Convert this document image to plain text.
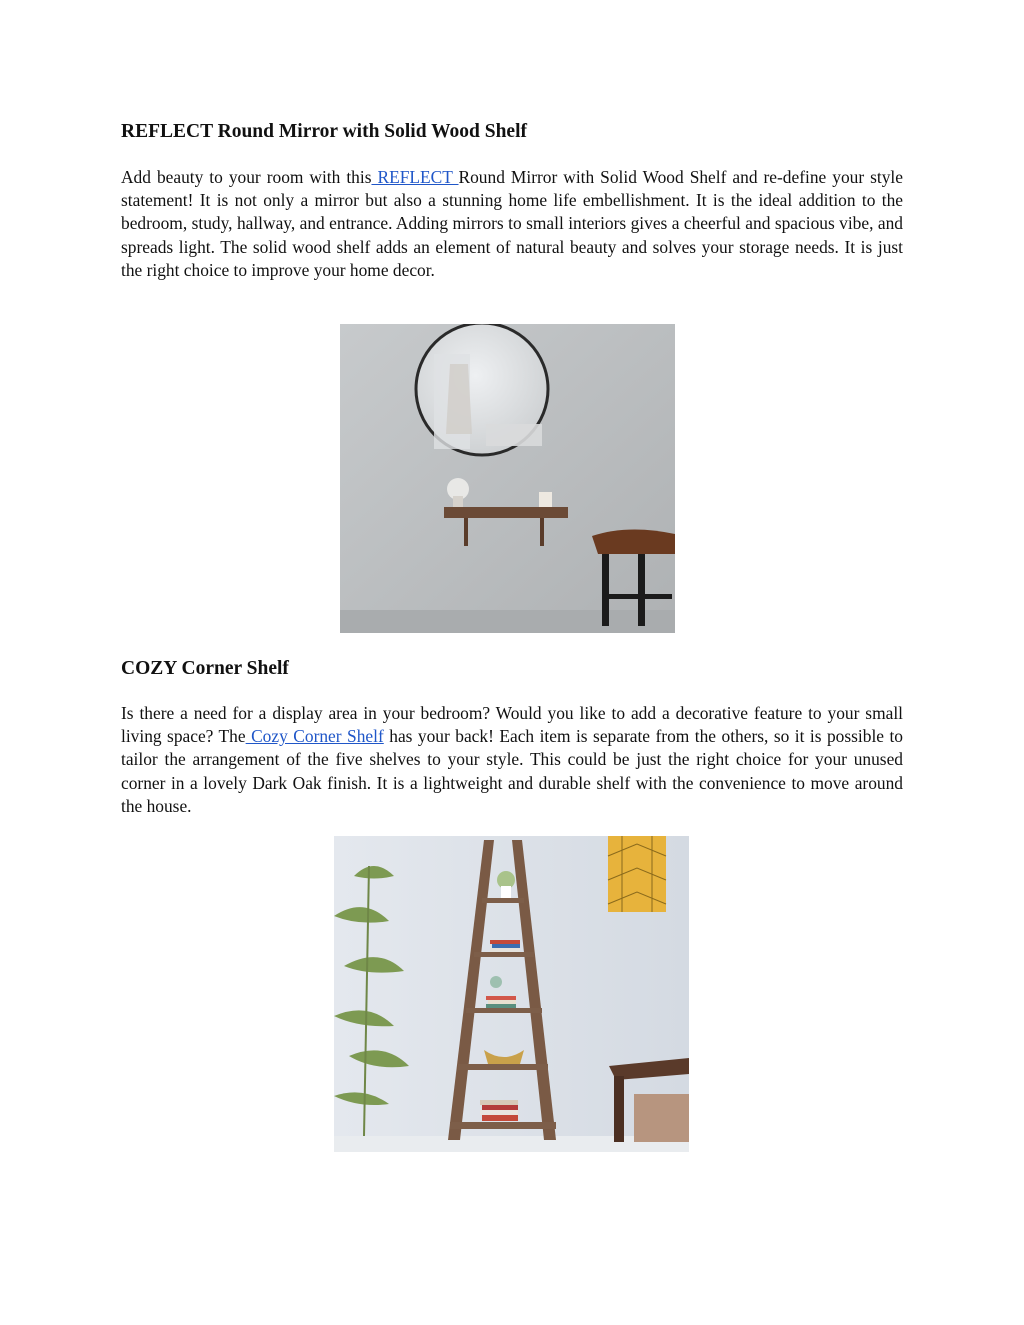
REFLECT Round Mirror with Solid Wood Shelf

Add beauty to your room with this REFLECT Round Mirror with Solid Wood Shelf and re-define your style statement! It is not only a mirror but also a stunning home life embellishment. It is the ideal addition to the bedroom, study, hallway, and entrance. Adding mirrors to small interiors gives a cheerful and spacious vibe, and spreads light. The solid wood shelf adds an element of natural beauty and solves your storage needs. It is just the right choice to improve your home decor.

COZY Corner Shelf

Is there a need for a display area in your bedroom? Would you like to add a decorative feature to your small living space? The Cozy Corner Shelf has your back! Each item is separate from the others, so it is possible to tailor the arrangement of the five shelves to your style. This could be just the right choice for your unused corner in a lovely Dark Oak finish. It is a lightweight and durable shelf with the convenience to move around the house.
